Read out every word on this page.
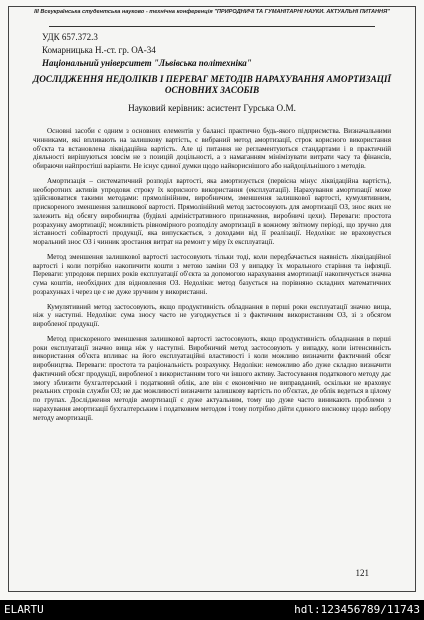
III Всеукраїнська студентська науково - технічна конференція "ПРИРОДНИЧІ ТА ГУМАНІТАРНІ НАУКИ. АКТУАЛЬНІ ПИТАННЯ"
УДК 657.372.3
Комарницька Н.-ст. гр. ОА-34
Національний університет "Львівська політехніка"
ДОСЛІДЖЕННЯ НЕДОЛІКІВ І ПЕРЕВАГ МЕТОДІВ НАРАХУВАННЯ АМОРТИЗАЦІЇ ОСНОВНИХ ЗАСОБІВ
Науковий керівник: асистент Гурська О.М.

Основні засоби є одним з основних елементів у балансі практично будь-якого підприємства. Визначальними чинниками, які впливають на залишкову вартість, є вибраний метод амортизації, строк корисного використання об'єкта та встановлена ліквідаційна вартість. Але ці питання не регламентуються стандартами і в практичній діяльності вирішуються зовсім не з позицій доцільності, а з намаганням мінімізувати витрати часу та фінансів, обираючи найпростіші варіанти. Не існує єдиної думки щодо найкориснішого або найдоцільнішого з методів.

Амортизація – систематичний розподіл вартості, яка амортизується (первісна мінус ліквідаційна вартість), необоротних активів упродовж строку їх корисного використання (експлуатації). Нарахування амортизації може здійснюватися такими методами: прямолінійним, виробничим, зменшення залишкової вартості, кумулятивним, прискореного зменшення залишкової вартості. Прямолінійний метод застосовують для амортизації ОЗ, знос яких не залежить від обсягу виробництва (будівлі адміністративного призначення, виробничі цехи). Переваги: простота розрахунку амортизації; можливість рівномірного розподілу амортизації в кожному звітному періоді, що зручно для зіставності собівартості продукції, яка випускається, з доходами від її реалізації. Недоліки: не враховується моральний знос ОЗ і чинник зростання витрат на ремонт у міру їх експлуатації.

Метод зменшення залишкової вартості застосовують тільки тоді, коли передбачається наявність ліквідаційної вартості і коли потрібно накопичити кошти з метою заміни ОЗ у випадку їх морального старіння та інфляції. Переваги: упродовж перших років експлуатації об'єкта за допомогою нарахування амортизації накопичується значна сума коштів, необхідних для відновлення ОЗ. Недоліки: метод базується на порівняно складних математичних розрахунках і через це є не дуже зручним у використанні.

Кумулятивний метод застосовують, якщо продуктивність обладнання в перші роки експлуатації значно вища, ніж у наступні. Недоліки: сума зносу часто не узгоджується зі з фактичним використанням ОЗ, зі з обсягом виробленої продукції.

Метод прискореного зменшення залишкової вартості застосовують, якщо продуктивність обладнання в перші роки експлуатації значно вища ніж у наступні. Виробничий метод застосовують у випадку, коли інтенсивність використання об'єкта впливає на його експлуатаційні властивості і коли можливо визначити фактичний обсяг виробництва. Переваги: простота та раціональність розрахунку. Недоліки: неможливо або дуже складно визначити фактичний обсяг продукції, виробленої з використанням того чи іншого активу. Застосування податкового методу дає змогу зблизити бухгалтерський і податковий облік, але він є економічно не виправданий, оскільки не враховує реальних строків служби ОЗ; не дає можливості визначити залишкову вартість по об'єктах, де облік ведеться в цілому по групах. Дослідження методів амортизації є дуже актуальним, тому що дуже часто виникають проблеми з нарахування амортизації бухгалтерським і податковим методом і тому потрібно дійти єдиного висновку щодо вибору методу амортизації.

121
ELARTU	hdl:123456789/11743
